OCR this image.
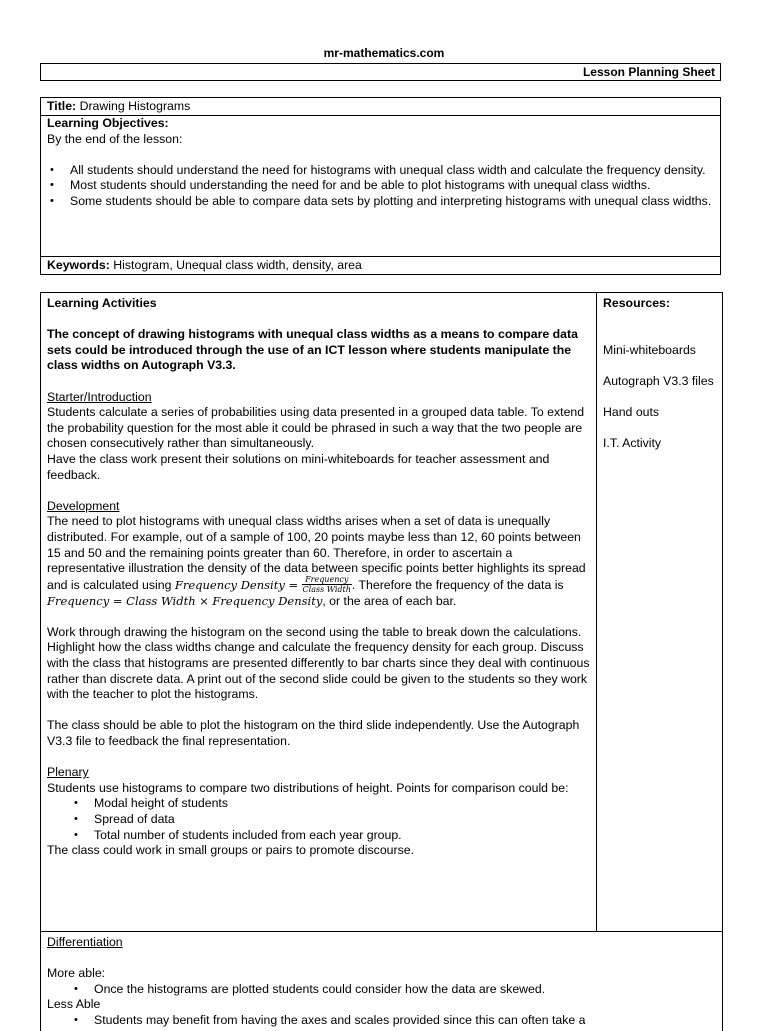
mr-mathematics.com
Lesson Planning Sheet
Title: Drawing Histograms

Learning Objectives:

By the end of the lesson:

• All students should understand the need for histograms with unequal class width and calculate the frequency density.
• Most students should understanding the need for and be able to plot histograms with unequal class widths.
• Some students should be able to compare data sets by plotting and interpreting histograms with unequal class widths.
Keywords: Histogram, Unequal class width, density, area

Learning Activities

The concept of drawing histograms with unequal class widths as a means to compare data sets could be introduced through the use of an ICT lesson where students manipulate the class widths on Autograph V3.3.

Starter/Introduction

Students calculate a series of probabilities using data presented in a grouped data table. To extend the probability question for the most able it could be phrased in such a way that the two people are chosen consecutively rather than simultaneously.

Have the class work present their solutions on mini-whiteboards for teacher assessment and feedback.

Development

The need to plot histograms with unequal class widths arises when a set of data is unequally distributed. For example, out of a sample of 100, 20 points maybe less than 12, 60 points between 15 and 50 and the remaining points greater than 60. Therefore, in order to ascertain a representative illustration the density of the data between specific points better highlights its spread and is calculated using Frequency Density = $\frac{\text{Frequency}}{\text{Class Width}}$ . Therefore the frequency of the data is Frequency = Class Width × Frequency Density, or the area of each bar.

Work through drawing the histogram on the second using the table to break down the calculations. Highlight how the class widths change and calculate the frequency density for each group. Discuss with the class that histograms are presented differently to bar charts since they deal with continuous rather than discrete data. A print out of the second slide could be given to the students so they work with the teacher to plot the histograms.

The class should be able to plot the histogram on the third slide independently. Use the Autograph V3.3 file to feedback the final representation.

Plenary

Students use histograms to compare two distributions of height. Points for comparison could be:

• Modal height of students
• Spread of data
• Total number of students included from each year group.

The class could work in small groups or pairs to promote discourse.

Resources:

Mini-whiteboards

Autograph V3.3 files

Hand outs

I.T. Activity

Differentiation

More able:

• Once the histograms are plotted students could consider how the data are skewed.

Less Able

• Students may benefit from having the axes and scales provided since this can often take a
